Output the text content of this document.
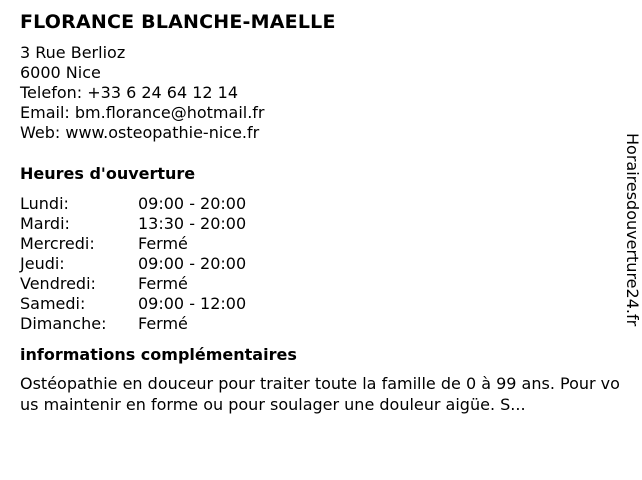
FLORANCE BLANCHE-MAELLE
3 Rue Berlioz
6000 Nice
Telefon: +33 6 24 64 12 14
Email: bm.florance@hotmail.fr
Web: www.osteopathie-nice.fr
Heures d'ouverture
Lundi:	09:00 - 20:00
Mardi:	13:30 - 20:00
Mercredi:	Fermé
Jeudi:	09:00 - 20:00
Vendredi:	Fermé
Samedi:	09:00 - 12:00
Dimanche:	Fermé
informations complémentaires
Ostéopathie en douceur pour traiter toute la famille de 0 à 99 ans. Pour vous maintenir en forme ou pour soulager une douleur aigüe. S...
Horairesdouverture24.fr
